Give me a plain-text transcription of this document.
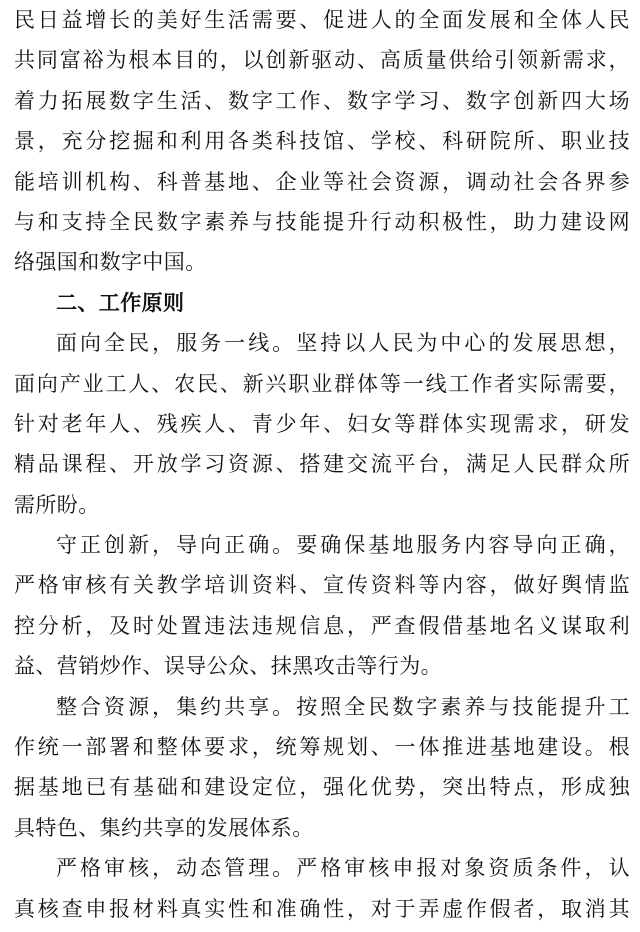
民日益增长的美好生活需要、促进人的全面发展和全体人民
共同富裕为根本目的，以创新驱动、高质量供给引领新需求，
着力拓展数字生活、数字工作、数字学习、数字创新四大场
景，充分挖掘和利用各类科技馆、学校、科研院所、职业技
能培训机构、科普基地、企业等社会资源，调动社会各界参
与和支持全民数字素养与技能提升行动积极性，助力建设网
络强国和数字中国。
二、工作原则
面向全民，服务一线。坚持以人民为中心的发展思想，
面向产业工人、农民、新兴职业群体等一线工作者实际需要，
针对老年人、残疾人、青少年、妇女等群体实现需求，研发
精品课程、开放学习资源、搭建交流平台，满足人民群众所
需所盼。
守正创新，导向正确。要确保基地服务内容导向正确，
严格审核有关教学培训资料、宣传资料等内容，做好舆情监
控分析，及时处置违法违规信息，严查假借基地名义谋取利
益、营销炒作、误导公众、抹黑攻击等行为。
整合资源，集约共享。按照全民数字素养与技能提升工
作统一部署和整体要求，统筹规划、一体推进基地建设。根
据基地已有基础和建设定位，强化优势，突出特点，形成独
具特色、集约共享的发展体系。
严格审核，动态管理。严格审核申报对象资质条件，认
真核查申报材料真实性和准确性，对于弄虚作假者，取消其
